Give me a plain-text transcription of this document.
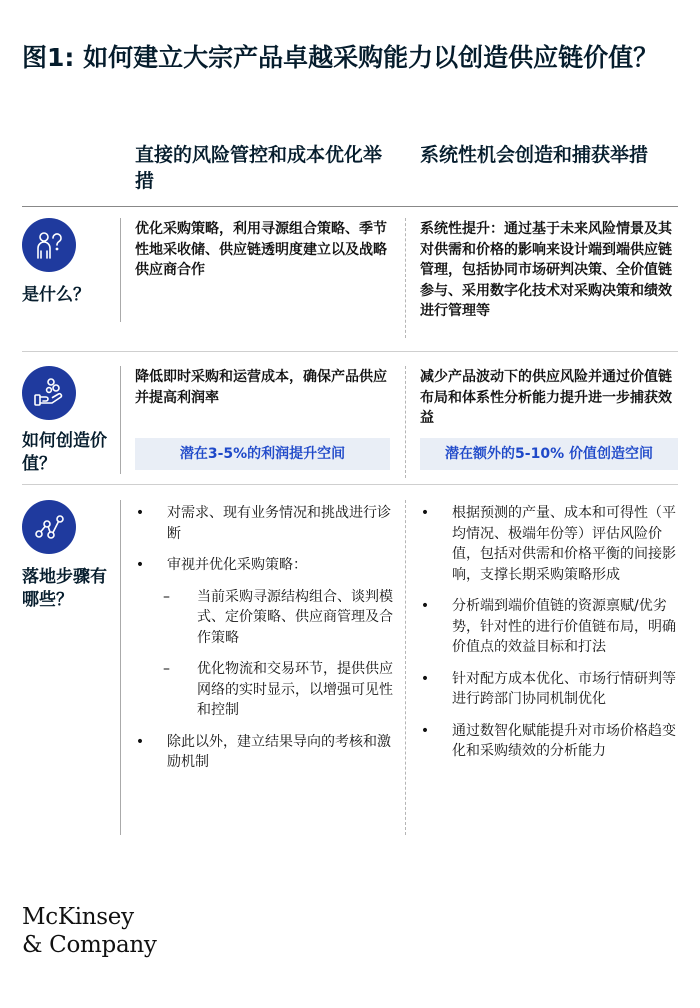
图1: 如何建立大宗产品卓越采购能力以创造供应链价值？
直接的风险管控和成本优化举措
系统性机会创造和捕获举措
是什么？
优化采购策略，利用寻源组合策略、季节性地采收储、供应链透明度建立以及战略供应商合作
系统性提升：通过基于未来风险情景及其对供需和价格的影响来设计端到端供应链管理，包括协同市场研判决策、全价值链参与、采用数字化技术对采购决策和绩效进行管理等
如何创造价值？
降低即时采购和运营成本，确保产品供应并提高利润率
减少产品波动下的供应风险并通过价值链布局和体系性分析能力提升进一步捕获效益
潜在3-5%的利润提升空间	潜在额外的5-10% 价值创造空间
落地步骤有哪些？
• 对需求、现有业务情况和挑战进行诊断
• 审视并优化采购策略：
– 当前采购寻源结构组合、谈判模式、定价策略、供应商管理及合作策略
– 优化物流和交易环节，提供供应网络的实时显示，以增强可见性和控制
• 除此以外，建立结果导向的考核和激励机制
• 根据预测的产量、成本和可得性（平均情况、极端年份等）评估风险价值，包括对供需和价格平衡的间接影响，支撑长期采购策略形成
• 分析端到端价值链的资源禀赋/优劣势，针对性的进行价值链布局，明确价值点的效益目标和打法
• 针对配方成本优化、市场行情研判等进行跨部门协同机制优化
• 通过数智化赋能提升对市场价格趋变化和采购绩效的分析能力
McKinsey
& Company
